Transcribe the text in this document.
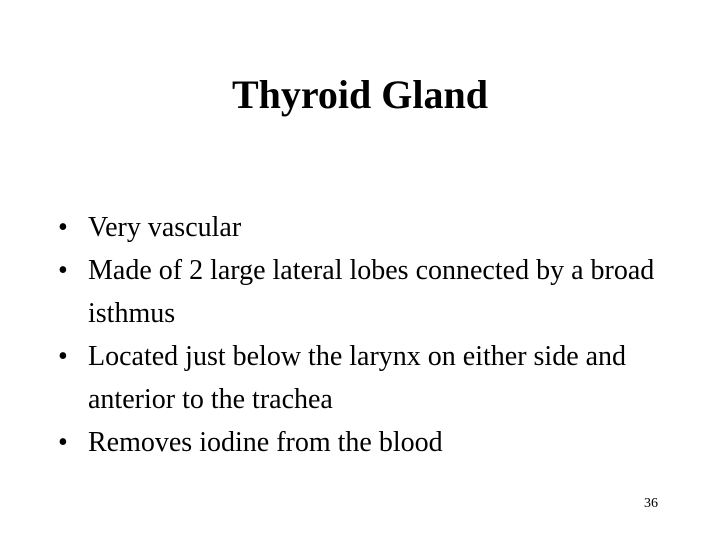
Thyroid Gland
• Very vascular
• Made of 2 large lateral lobes connected by a broad isthmus
• Located just below the larynx on either side and anterior to the trachea
• Removes iodine from the blood
36
